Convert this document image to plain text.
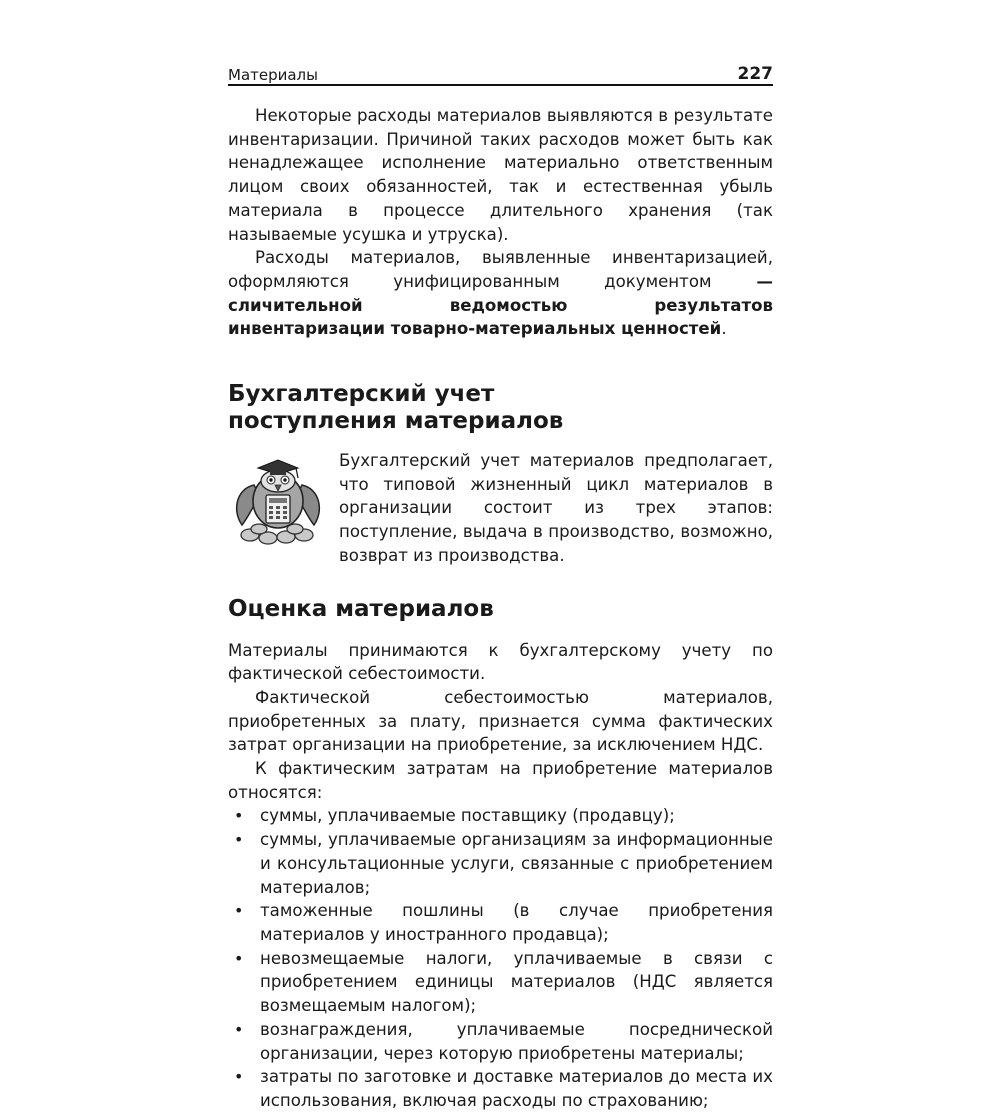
Материалы	227

Некоторые расходы материалов выявляются в результате инвентаризации. Причиной таких расходов может быть как ненадлежащее исполнение материально ответственным лицом своих обязанностей, так и естественная убыль материала в процессе длительного хранения (так называемые усушка и утруска).

Расходы материалов, выявленные инвентаризацией, оформляются унифицированным документом — сличительной ведомостью результатов инвентаризации товарно-материальных ценностей.

Бухгалтерский учет
поступления материалов

Бухгалтерский учет материалов предполагает, что типовой жизненный цикл материалов в организации состоит из трех этапов: поступление, выдача в производство, возможно, возврат из производства.

Оценка материалов

Материалы принимаются к бухгалтерскому учету по фактической себестоимости.

Фактической себестоимостью материалов, приобретенных за плату, признается сумма фактических затрат организации на приобретение, за исключением НДС.

К фактическим затратам на приобретение материалов относятся:

• суммы, уплачиваемые поставщику (продавцу);
• суммы, уплачиваемые организациям за информационные и консультационные услуги, связанные с приобретением материалов;
• таможенные пошлины (в случае приобретения материалов у иностранного продавца);
• невозмещаемые налоги, уплачиваемые в связи с приобретением единицы материалов (НДС является возмещаемым налогом);
• вознаграждения, уплачиваемые посреднической организации, через которую приобретены материалы;
• затраты по заготовке и доставке материалов до места их использования, включая расходы по страхованию;
